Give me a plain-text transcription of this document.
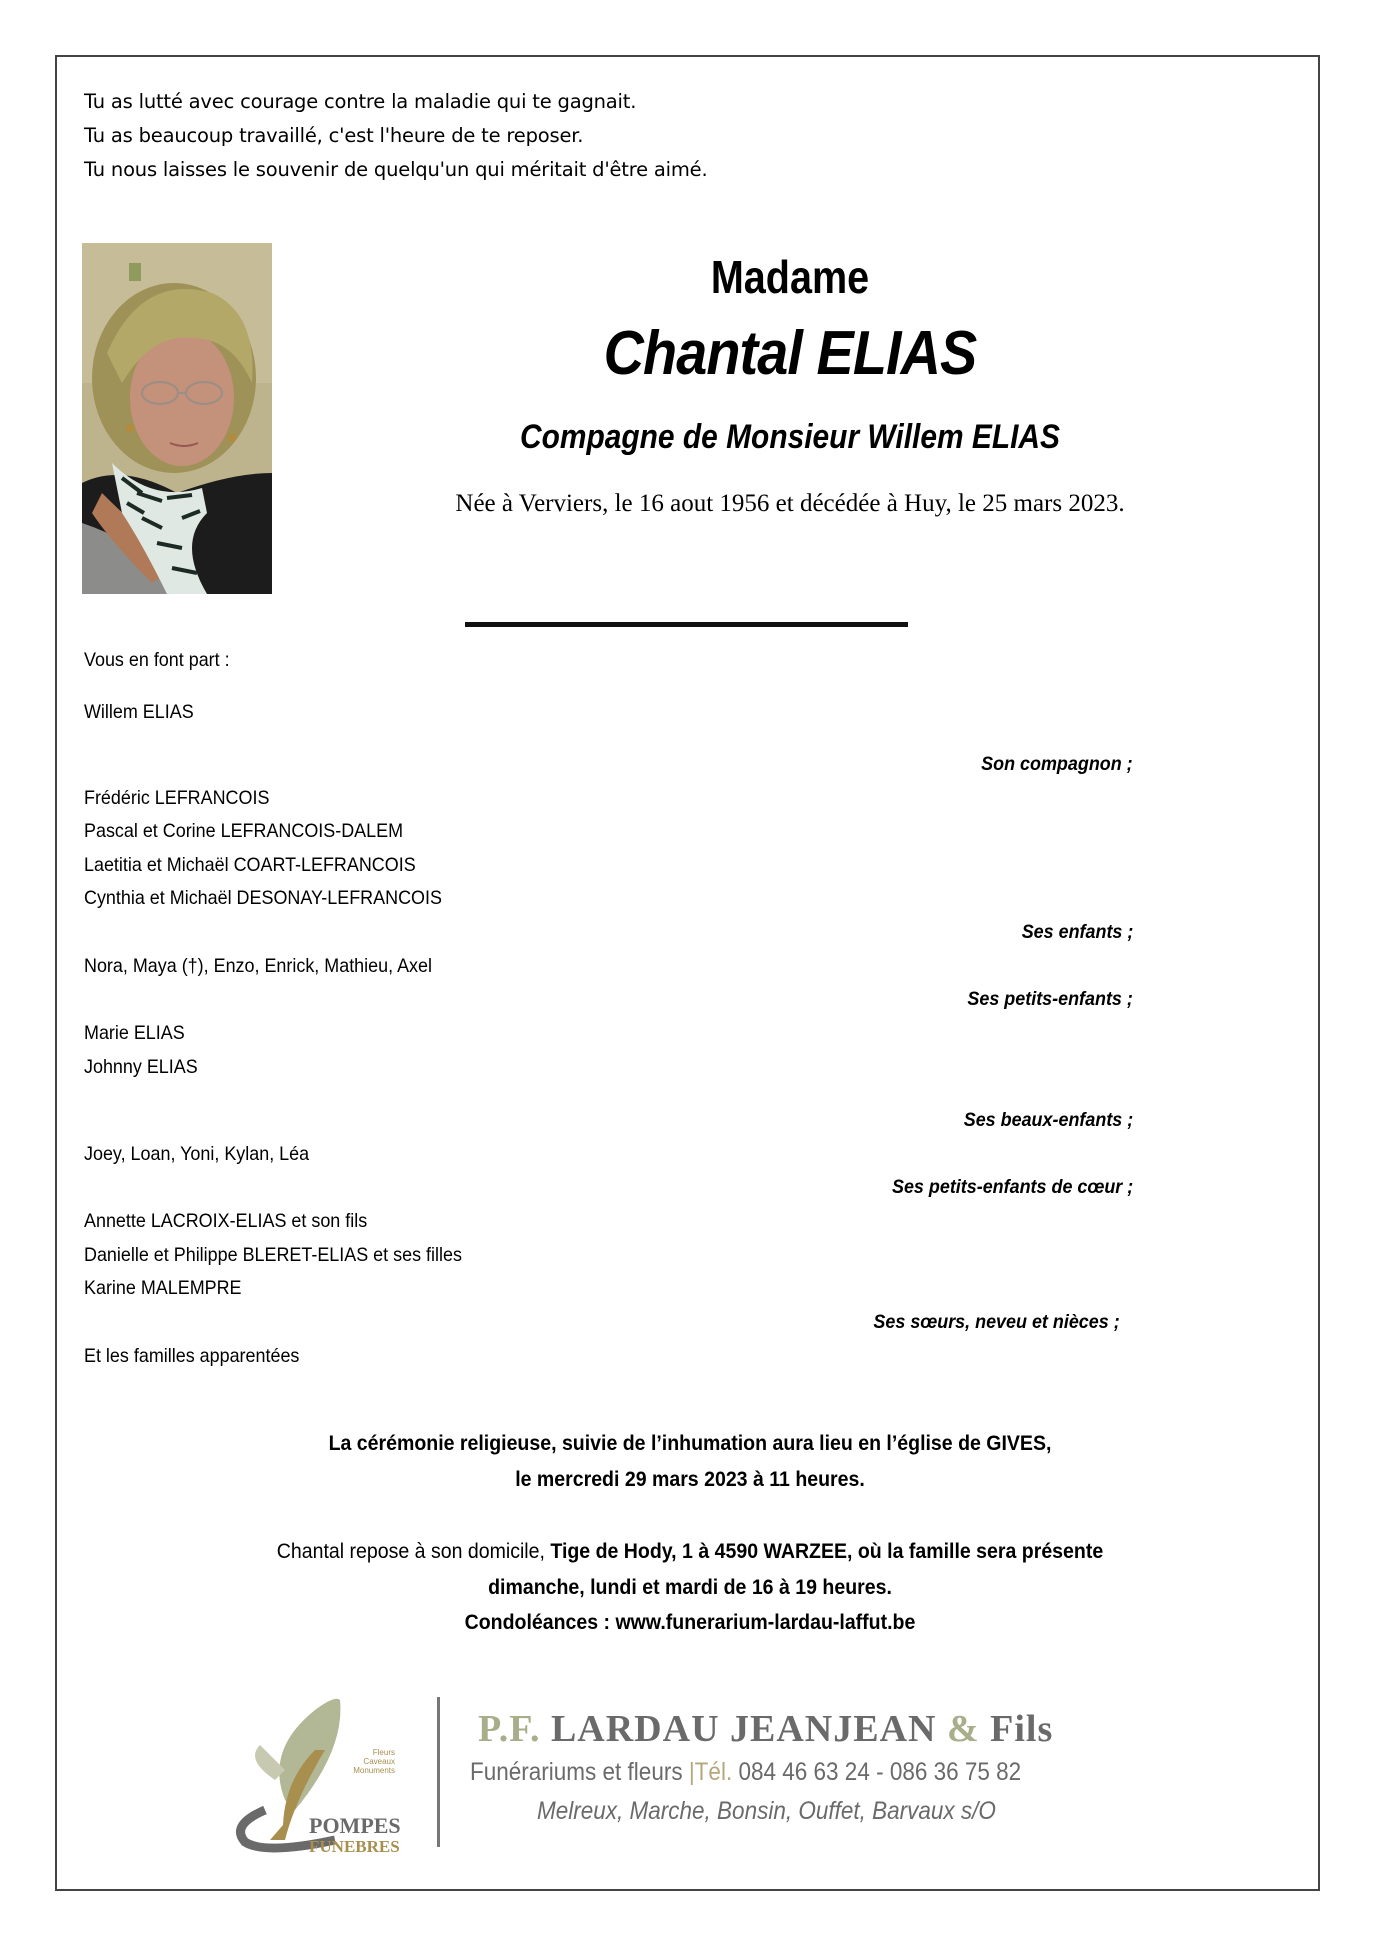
Tu as lutté avec courage contre la maladie qui te gagnait.
Tu as beaucoup travaillé, c'est l'heure de te reposer.
Tu nous laisses le souvenir de quelqu'un qui méritait d'être aimé.
Madame
Chantal ELIAS
Compagne de Monsieur Willem ELIAS
Née à Verviers, le 16 aout 1956 et décédée à Huy, le 25 mars 2023.
Vous en font part :
Willem ELIAS
Son compagnon ;
Frédéric LEFRANCOIS
Pascal et Corine LEFRANCOIS-DALEM
Laetitia et Michaël COART-LEFRANCOIS
Cynthia et Michaël DESONAY-LEFRANCOIS
Ses enfants ;
Nora, Maya (†), Enzo, Enrick, Mathieu, Axel
Ses petits-enfants ;
Marie ELIAS
Johnny ELIAS
Ses beaux-enfants ;
Joey, Loan, Yoni, Kylan, Léa
Ses petits-enfants de cœur ;
Annette LACROIX-ELIAS et son fils
Danielle et Philippe BLERET-ELIAS et ses filles
Karine MALEMPRE
Ses sœurs, neveu et nièces ;
Et les familles apparentées
La cérémonie religieuse, suivie de l’inhumation aura lieu en l’église de GIVES,
le mercredi 29 mars 2023 à 11 heures.
Chantal repose à son domicile, Tige de Hody, 1 à 4590 WARZEE, où la famille sera présente
dimanche, lundi et mardi de 16 à 19 heures.
Condoléances : www.funerarium-lardau-laffut.be
Fleurs
Caveaux
Monuments
POMPES
FUNEBRES
P.F. LARDAU JEANJEAN & Fils
Funérariums et fleurs |Tél. 084 46 63 24 - 086 36 75 82
Melreux, Marche, Bonsin, Ouffet, Barvaux s/O
